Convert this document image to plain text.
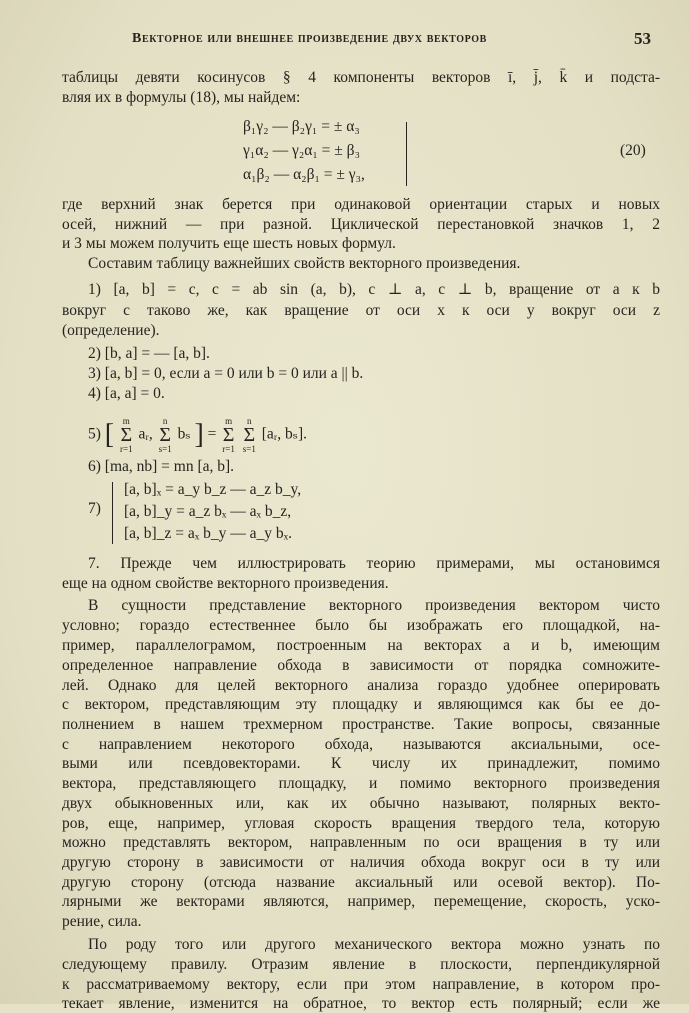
Векторное или внешнее произведение двух векторов	53
таблицы девяти косинусов § 4 компоненты векторов ī, j̄, k̄ и подста-
вляя их в формулы (18), мы найдем:
β₁γ₂ — β₂γ₁ = ± α₃
γ₁α₂ — γ₂α₁ = ± β₃
α₁β₂ — α₂β₁ = ± γ₃,
(20)
где верхний знак берется при одинаковой ориентации старых и новых
осей, нижний — при разной. Циклической перестановкой значков 1, 2
и 3 мы можем получить еще шесть новых формул.
Составим таблицу важнейших свойств векторного произведения.
1) [a, b] = c, c = ab sin (a, b), c ⊥ a, c ⊥ b, вращение от a к b
вокруг c таково же, как вращение от оси x к оси y вокруг оси z
(определение).
2) [b, a] = — [a, b].
3) [a, b] = 0, если a = 0 или b = 0 или a || b.
4) [a, a] = 0.
5) [ m
Σ
r=1
aᵣ,
n
Σ
s=1
bₛ ] =
m
Σ
r=1

n
Σ
s=1
[aᵣ, bₛ].
6) [ma, nb] = mn [a, b].
7)
[a, b]ₓ = a_y b_z — a_z b_y,
[a, b]_y = a_z bₓ — aₓ b_z,
[a, b]_z = aₓ b_y — a_y bₓ.
7. Прежде чем иллюстрировать теорию примерами, мы остановимся
еще на одном свойстве векторного произведения.
В сущности представление векторного произведения вектором чисто
условно; гораздо естественнее было бы изображать его площадкой, на-
пример, параллелограмом, построенным на векторах a и b, имеющим
определенное направление обхода в зависимости от порядка сомножите-
лей. Однако для целей векторного анализа гораздо удобнее оперировать
с вектором, представляющим эту площадку и являющимся как бы ее до-
полнением в нашем трехмерном пространстве. Такие вопросы, связанные
с направлением некоторого обхода, называются аксиальными, осе-
выми или псевдовекторами. К числу их принадлежит, помимо
вектора, представляющего площадку, и помимо векторного произведения
двух обыкновенных или, как их обычно называют, полярных векто-
ров, еще, например, угловая скорость вращения твердого тела, которую
можно представлять вектором, направленным по оси вращения в ту или
другую сторону в зависимости от наличия обхода вокруг оси в ту или
другую сторону (отсюда название аксиальный или осевой вектор). По-
лярными же векторами являются, например, перемещение, скорость, уско-
рение, сила.
По роду того или другого механического вектора можно узнать по
следующему правилу. Отразим явление в плоскости, перпендикулярной
к рассматриваемому вектору, если при этом направление, в котором про-
текает явление, изменится на обратное, то вектор есть полярный; если же
